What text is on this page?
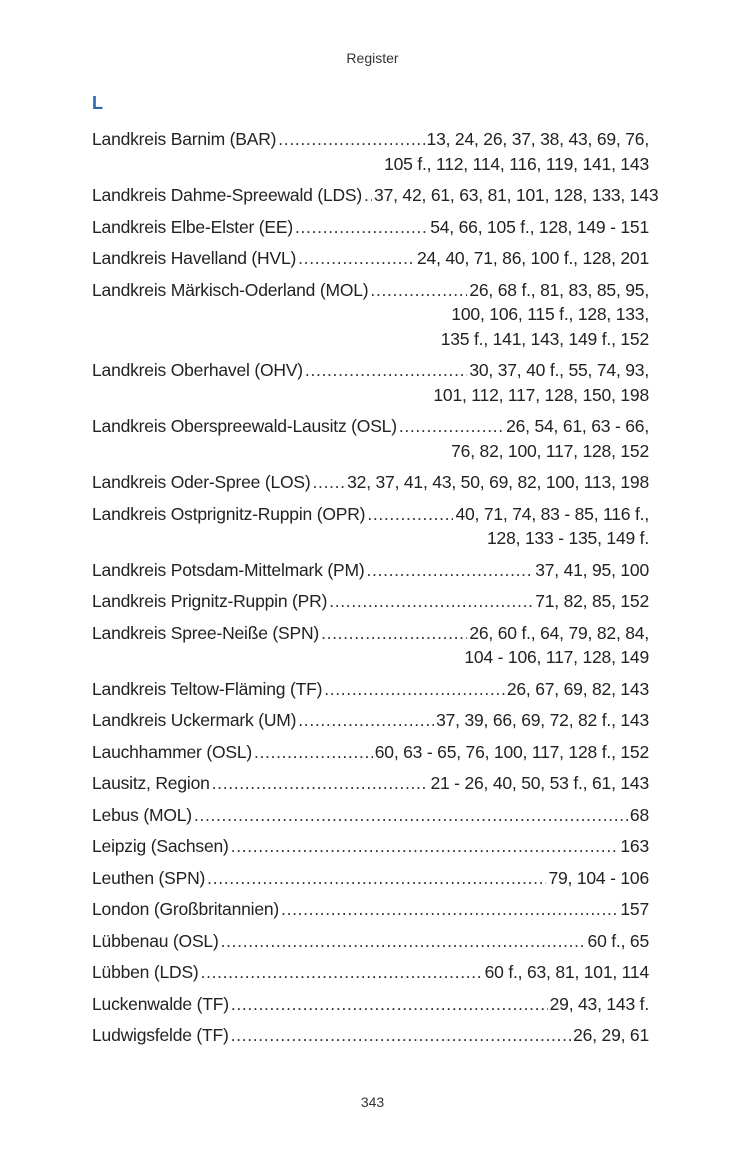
Register
L
Landkreis Barnim (BAR) . . .	13, 24, 26, 37, 38, 43, 69, 76,
105 f., 112, 114, 116, 119, 141, 143
Landkreis Dahme-Spreewald (LDS) . . . 37, 42, 61, 63, 81, 101, 128, 133, 143
Landkreis Elbe-Elster (EE) . . .	54, 66, 105 f., 128, 149 - 151
Landkreis Havelland (HVL) . . .	24, 40, 71, 86, 100 f., 128, 201
Landkreis Märkisch-Oderland (MOL) . . .	26, 68 f., 81, 83, 85, 95,
100, 106, 115 f., 128, 133,
135 f., 141, 143, 149 f., 152
Landkreis Oberhavel (OHV) . . .	30, 37, 40 f., 55, 74, 93,
101, 112, 117, 128, 150, 198
Landkreis Oberspreewald-Lausitz (OSL) . . .	26, 54, 61, 63 - 66,
76, 82, 100, 117, 128, 152
Landkreis Oder-Spree (LOS) . . . 32, 37, 41, 43, 50, 69, 82, 100, 113, 198
Landkreis Ostprignitz-Ruppin (OPR) . . .	40, 71, 74, 83 - 85, 116 f.,
128, 133 - 135, 149 f.
Landkreis Potsdam-Mittelmark (PM) . . .	37, 41, 95, 100
Landkreis Prignitz-Ruppin (PR) . . .	71, 82, 85, 152
Landkreis Spree-Neiße (SPN) . . .	26, 60 f., 64, 79, 82, 84,
104 - 106, 117, 128, 149
Landkreis Teltow-Fläming (TF) . . .	26, 67, 69, 82, 143
Landkreis Uckermark (UM) . . .	37, 39, 66, 69, 72, 82 f., 143
Lauchhammer (OSL) . . .	60, 63 - 65, 76, 100, 117, 128 f., 152
Lausitz, Region . . .	21 - 26, 40, 50, 53 f., 61, 143
Lebus (MOL) . . .	68
Leipzig (Sachsen) . . .	163
Leuthen (SPN) . . .	79, 104 - 106
London (Großbritannien) . . .	157
Lübbenau (OSL) . . .	60 f., 65
Lübben (LDS) . . .	60 f., 63, 81, 101, 114
Luckenwalde (TF) . . .	29, 43, 143 f.
Ludwigsfelde (TF) . . .	26, 29, 61
343
